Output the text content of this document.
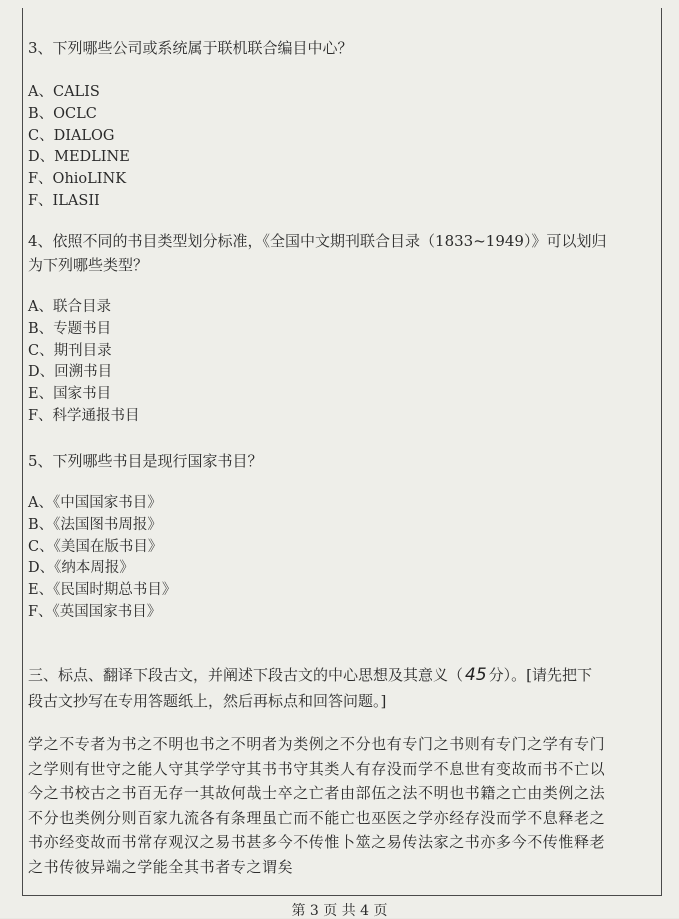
3、下列哪些公司或系统属于联机联合编目中心？

A、CALIS
B、OCLC
C、DIALOG
D、MEDLINE
F、OhioLINK
F、ILASII

4、依照不同的书目类型划分标准，《全国中文期刊联合目录（1833~1949）》可以划归

为下列哪些类型？

A、联合目录
B、专题书目
C、期刊目录
D、回溯书目
E、国家书目
F、科学通报书目

5、下列哪些书目是现行国家书目？

A、《中国国家书目》
B、《法国图书周报》
C、《美国在版书目》
D、《纳本周报》
E、《民国时期总书目》
F、《英国国家书目》

三、标点、翻译下段古文，并阐述下段古文的中心思想及其意义（ 45 分）。[请先把下

段古文抄写在专用答题纸上，然后再标点和回答问题。]

学之不专者为书之不明也书之不明者为类例之不分也有专门之书则有专门之学有专门

之学则有世守之能人守其学学守其书书守其类人有存没而学不息世有变故而书不亡以

今之书校古之书百无存一其故何哉士卒之亡者由部伍之法不明也书籍之亡由类例之法

不分也类例分则百家九流各有条理虽亡而不能亡也巫医之学亦经存没而学不息释老之

书亦经变故而书常存观汉之易书甚多今不传惟卜筮之易传法家之书亦多今不传惟释老

之书传彼异端之学能全其书者专之谓矣

第 3 页 共 4 页
